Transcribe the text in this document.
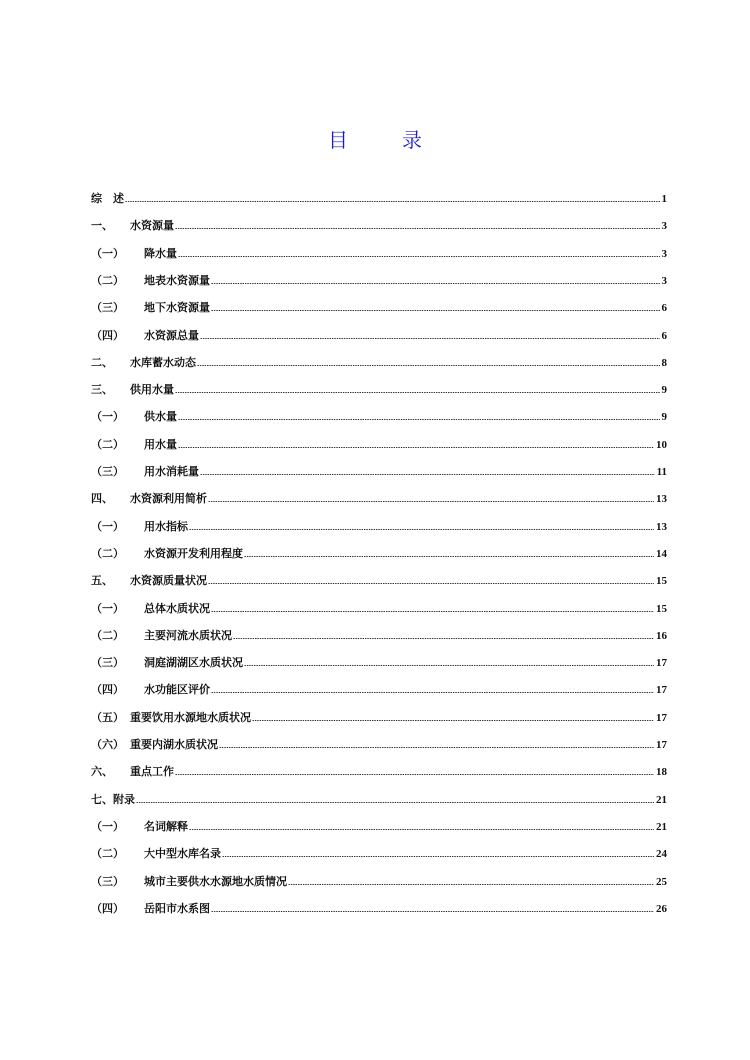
目	录
综　述	1
一、	水资源量	3
（一）	降水量	3
（二）	地表水资源量	3
（三）	地下水资源量	6
（四）	水资源总量	6
二、	水库蓄水动态	8
三、	供用水量	9
（一）	供水量	9
（二）	用水量	10
（三）	用水消耗量	11
四、	水资源利用简析	13
（一）	用水指标	13
（二）	水资源开发利用程度	14
五、	水资源质量状况	15
（一）	总体水质状况	15
（二）	主要河流水质状况	16
（三）	洞庭湖湖区水质状况	17
（四）	水功能区评价	17
（五） 重要饮用水源地水质状况	17
（六） 重要内湖水质状况	17
六、	重点工作	18
七、 附录	21
（一）	名词解释	21
（二）	大中型水库名录	24
（三）	城市主要供水水源地水质情况	25
（四）	岳阳市水系图	26
